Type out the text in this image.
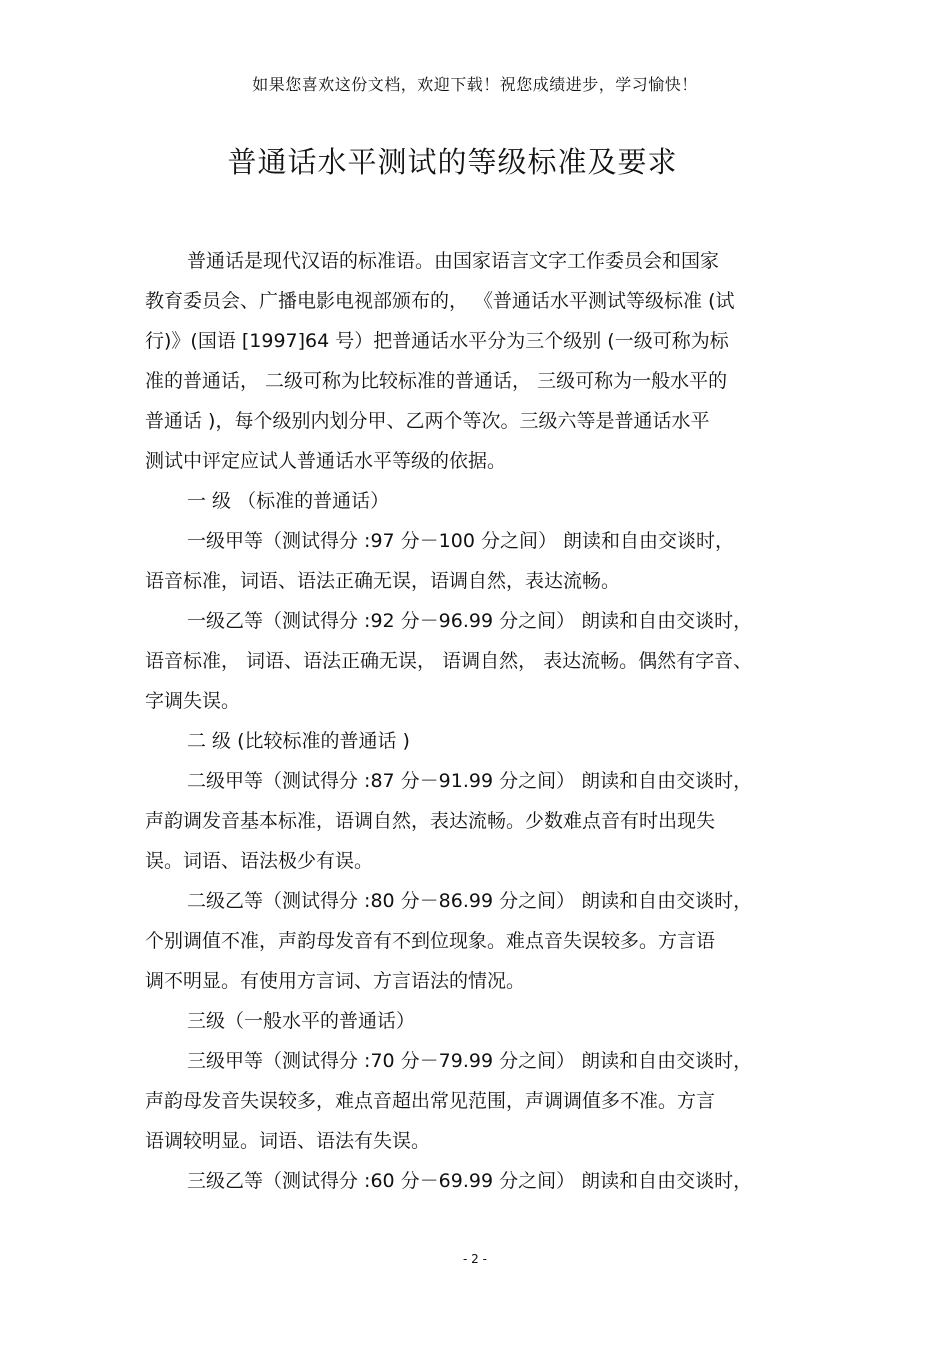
如果您喜欢这份文档，欢迎下载！祝您成绩进步，学习愉快！
普通话水平测试的等级标准及要求
普通话是现代汉语的标准语。由国家语言文字工作委员会和国家
教育委员会、广播电影电视部颁布的， 《普通话水平测试等级标准 (试
行)》(国语 [1997]64 号）把普通话水平分为三个级别 (一级可称为标
准的普通话， 二级可称为比较标准的普通话， 三级可称为一般水平的
普通话 )，每个级别内划分甲、乙两个等次。三级六等是普通话水平
测试中评定应试人普通话水平等级的依据。
一 级 （标准的普通话）
一级甲等（测试得分 :97 分－100 分之间） 朗读和自由交谈时，
语音标准，词语、语法正确无误，语调自然，表达流畅。
一级乙等（测试得分 :92 分－96.99 分之间） 朗读和自由交谈时，
语音标准， 词语、语法正确无误， 语调自然， 表达流畅。偶然有字音、
字调失误。
二 级 (比较标准的普通话 )
二级甲等（测试得分 :87 分－91.99 分之间） 朗读和自由交谈时，
声韵调发音基本标准，语调自然，表达流畅。少数难点音有时出现失
误。词语、语法极少有误。
二级乙等（测试得分 :80 分－86.99 分之间） 朗读和自由交谈时，
个别调值不准，声韵母发音有不到位现象。难点音失误较多。方言语
调不明显。有使用方言词、方言语法的情况。
三级（一般水平的普通话）
三级甲等（测试得分 :70 分－79.99 分之间） 朗读和自由交谈时，
声韵母发音失误较多，难点音超出常见范围，声调调值多不准。方言
语调较明显。词语、语法有失误。
三级乙等（测试得分 :60 分－69.99 分之间） 朗读和自由交谈时，
- 2 -
